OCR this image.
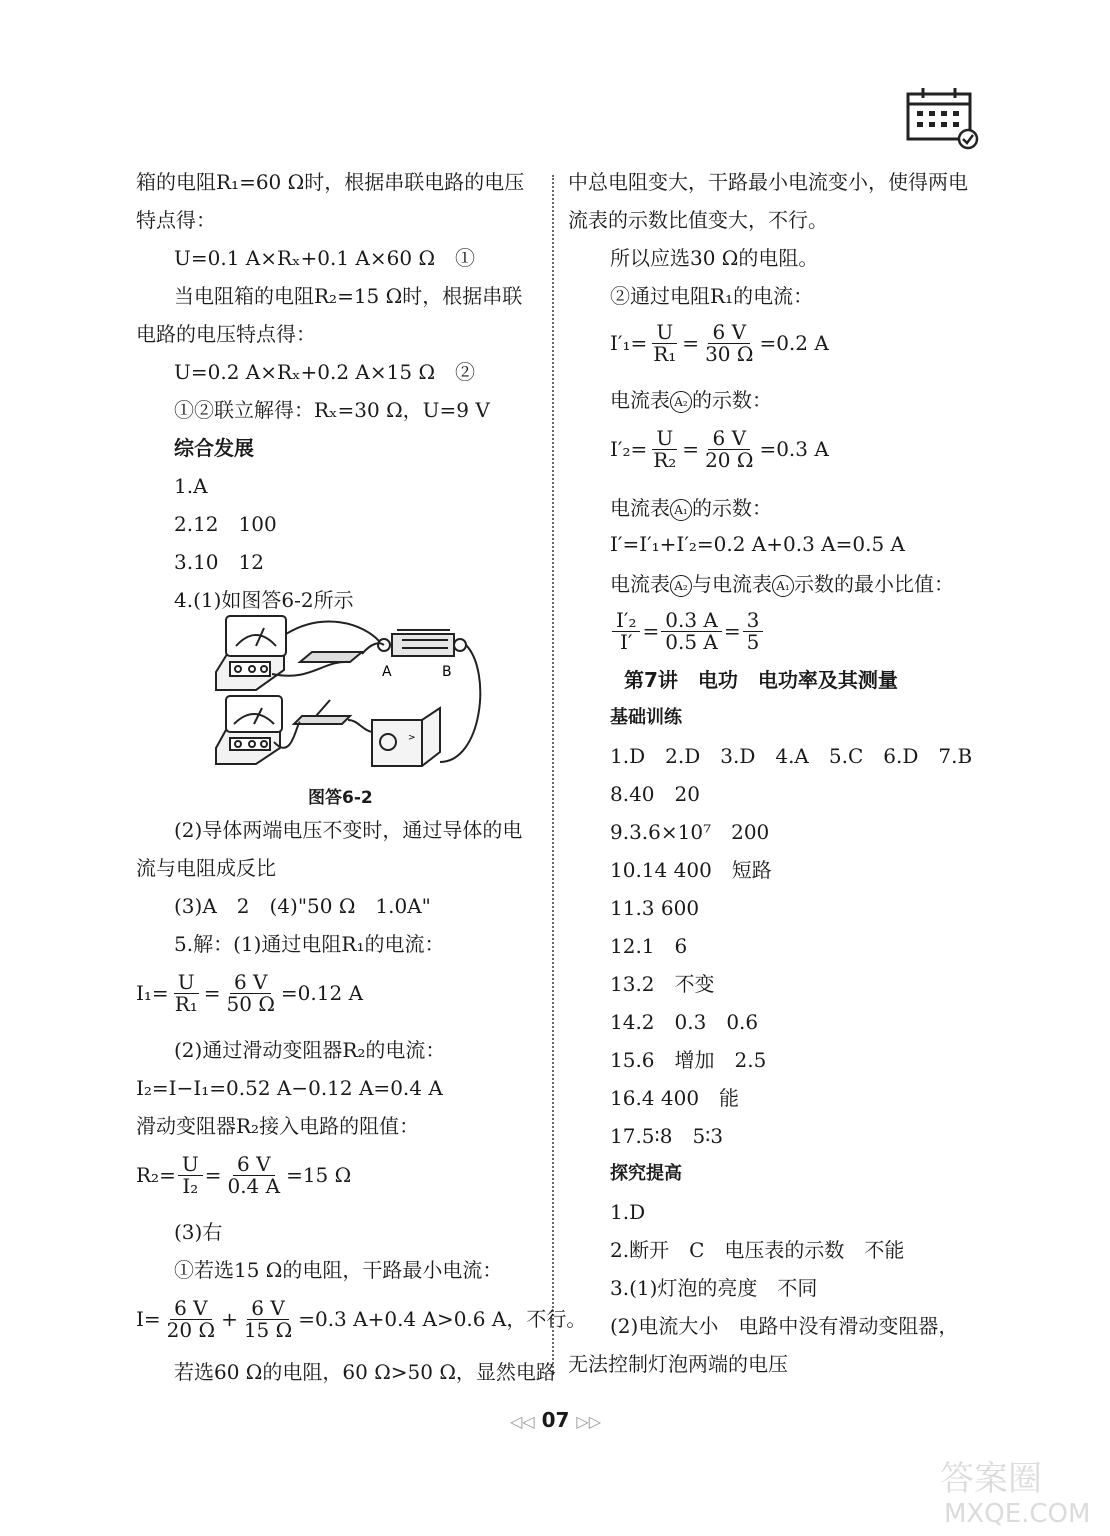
箱的电阻R₁=60 Ω时，根据串联电路的电压
特点得：
U=0.1 A×Rₓ+0.1 A×60 Ω　①
当电阻箱的电阻R₂=15 Ω时，根据串联
电路的电压特点得：
U=0.2 A×Rₓ+0.2 A×15 Ω　②
①②联立解得：Rₓ=30 Ω，U=9 V
综合发展
1.A
2.12　100
3.10　12
4.(1)如图答6-2所示
(2)导体两端电压不变时，通过导体的电
流与电阻成反比
(3)A　2　(4)"50 Ω　1.0A"
5.解：(1)通过电阻R₁的电流：
$I_1= \frac{U}{\text{R₁}} = \frac{6 V}{50 \Omega} =0.12$ A
(2)通过滑动变阻器R₂的电流：
I₂=I−I₁=0.52 A−0.12 A=0.4 A
滑动变阻器R₂接入电路的阻值：
$R_2= \frac{U}{\text{I₂}} = \frac{6 V}{0.4 A} =15$ Ω
(3)右
①若选15 Ω的电阻，干路最小电流：
$I= \frac{6 V}{20 \Omega} + \frac{6 V}{15 \Omega} =0.3$ A+0.4 A>0.6 A，不行。
若选60 Ω的电阻，60 Ω>50 Ω，显然电路
A	B
>
图答6-2
中总电阻变大，干路最小电流变小，使得两电
流表的示数比值变大，不行。
所以应选30 Ω的电阻。
②通过电阻R₁的电流：
$I'_1= \frac{U}{\text{R₁}} = \frac{6 V}{30 \Omega} =0.2$ A
电流表 A₂ 的示数：
$I'_2= \frac{U}{\text{R₂}} = \frac{6 V}{20 \Omega} =0.3$ A
电流表 A₁ 的示数：
I′=I′₁+I′₂=0.2 A+0.3 A=0.5 A
电流表 A₂ 与电流表 A₁ 示数的最小比值：
$\frac{\text{I′₂}}{I'} = \frac{0.3 A}{0.5 A} = \frac{3}{5}$
第7讲　电功　电功率及其测量
基础训练
1.D　2.D　3.D　4.A　5.C　6.D　7.B
8.40　20
9.3.6×10⁷　200
10.14 400　短路
11.3 600
12.1　6
13.2　不变
14.2　0.3　0.6
15.6　增加　2.5
16.4 400　能
17.5∶8　5∶3
探究提高
1.D
2.断开　C　电压表的示数　不能
3.(1)灯泡的亮度　不同
(2)电流大小　电路中没有滑动变阻器，
无法控制灯泡两端的电压
◁◁ 07 ▷▷
答案圈
MXQE.COM
